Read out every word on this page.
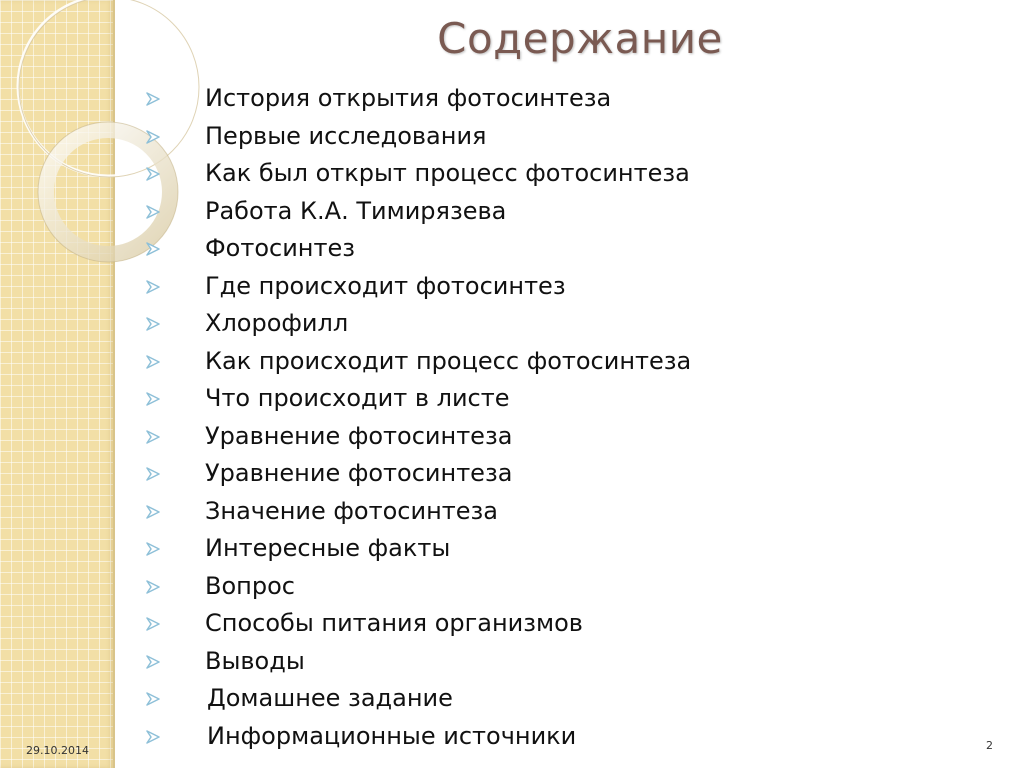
Содержание
История открытия фотосинтеза
Первые исследования
Как был открыт процесс фотосинтеза
Работа К.А. Тимирязева
Фотосинтез
Где происходит фотосинтез
Хлорофилл
Как происходит процесс фотосинтеза
Что происходит в листе
Уравнение фотосинтеза
Уравнение фотосинтеза
Значение фотосинтеза
Интересные факты
Вопрос
Способы питания организмов
Выводы
Домашнее задание
Информационные источники
29.10.2014	2
